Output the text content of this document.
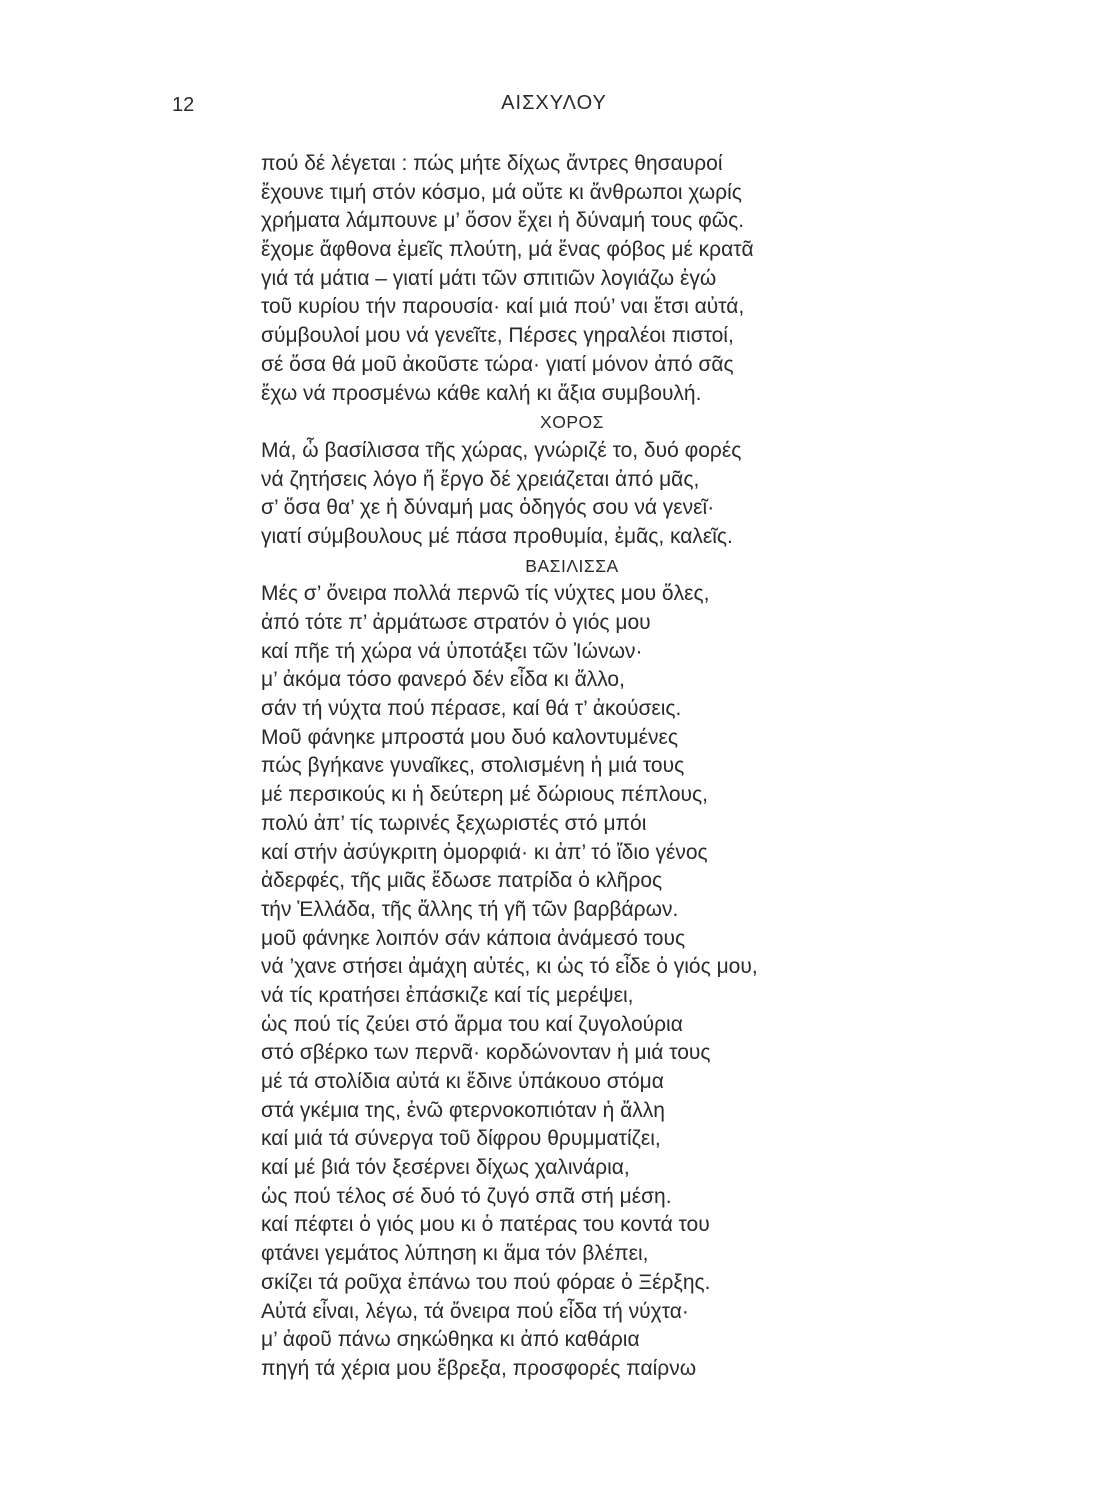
12	ΑΙΣΧΥΛΟΥ
πού δέ λέγεται : πώς μήτε δίχως ἄντρες θησαυροί
ἔχουνε τιμή στόν κόσμο, μά οὔτε κι ἄνθρωποι χωρίς
χρήματα λάμπουνε μ’ ὅσον ἔχει ἡ δύναμή τους φῶς.
ἔχομε ἄφθονα ἐμεῖς πλούτη, μά ἕνας φόβος μέ κρατᾶ
γιά τά μάτια – γιατί μάτι τῶν σπιτιῶν λογιάζω ἐγώ
τοῦ κυρίου τήν παρουσία· καί μιά πού’ ναι ἔτσι αὐτά,
σύμβουλοί μου νά γενεῖτε, Πέρσες γηραλέοι πιστοί,
σέ ὅσα θά μοῦ ἀκοῦστε τώρα· γιατί μόνον ἀπό σᾶς
ἔχω νά προσμένω κάθε καλή κι ἄξια συμβουλή.
ΧΟΡΟΣ
Μά, ὦ βασίλισσα τῆς χώρας, γνώριζέ το, δυό φορές
νά ζητήσεις λόγο ἤ ἔργο δέ χρειάζεται ἀπό μᾶς,
σ’ ὅσα θα’ χε ἡ δύναμή μας ὁδηγός σου νά γενεῖ·
γιατί σύμβουλους μέ πάσα προθυμία, ἐμᾶς, καλεῖς.
ΒΑΣΙΛΙΣΣΑ
Μές σ’ ὄνειρα πολλά περνῶ τίς νύχτες μου ὅλες,
ἀπό τότε π’ ἀρμάτωσε στρατόν ὁ γιός μου
καί πῆε τή χώρα νά ὑποτάξει τῶν Ἰώνων·
μ’ ἀκόμα τόσο φανερό δέν εἶδα κι ἄλλο,
σάν τή νύχτα πού πέρασε, καί θά τ’ ἀκούσεις.
Μοῦ φάνηκε μπροστά μου δυό καλοντυμένες
πώς βγήκανε γυναῖκες, στολισμένη ἡ μιά τους
μέ περσικούς κι ἡ δεύτερη μέ δώριους πέπλους,
πολύ ἀπ’ τίς τωρινές ξεχωριστές στό μπόι
καί στήν ἀσύγκριτη ὀμορφιά· κι ἀπ’ τό ἴδιο γένος
ἀδερφές, τῆς μιᾶς ἔδωσε πατρίδα ὁ κλῆρος
τήν Ἑλλάδα, τῆς ἄλλης τή γῆ τῶν βαρβάρων.
μοῦ φάνηκε λοιπόν σάν κάποια ἀνάμεσό τους
νά ’χανε στήσει ἀμάχη αὐτές, κι ὡς τό εἶδε ὁ γιός μου,
νά τίς κρατήσει ἐπάσκιζε καί τίς μερέψει,
ὡς πού τίς ζεύει στό ἅρμα του καί ζυγολούρια
στό σβέρκο των περνᾶ· κορδώνονταν ἡ μιά τους
μέ τά στολίδια αὐτά κι ἔδινε ὑπάκουο στόμα
στά γκέμια της, ἐνῶ φτερνοκοπιόταν ἡ ἄλλη
καί μιά τά σύνεργα τοῦ δίφρου θρυμματίζει,
καί μέ βιά τόν ξεσέρνει δίχως χαλινάρια,
ὡς πού τέλος σέ δυό τό ζυγό σπᾶ στή μέση.
καί πέφτει ὁ γιός μου κι ὁ πατέρας του κοντά του
φτάνει γεμάτος λύπηση κι ἅμα τόν βλέπει,
σκίζει τά ροῦχα ἐπάνω του πού φόραε ὁ Ξέρξης.
Αὐτά εἶναι, λέγω, τά ὄνειρα πού εἶδα τή νύχτα·
μ’ ἀφοῦ πάνω σηκώθηκα κι ἀπό καθάρια
πηγή τά χέρια μου ἔβρεξα, προσφορές παίρνω
